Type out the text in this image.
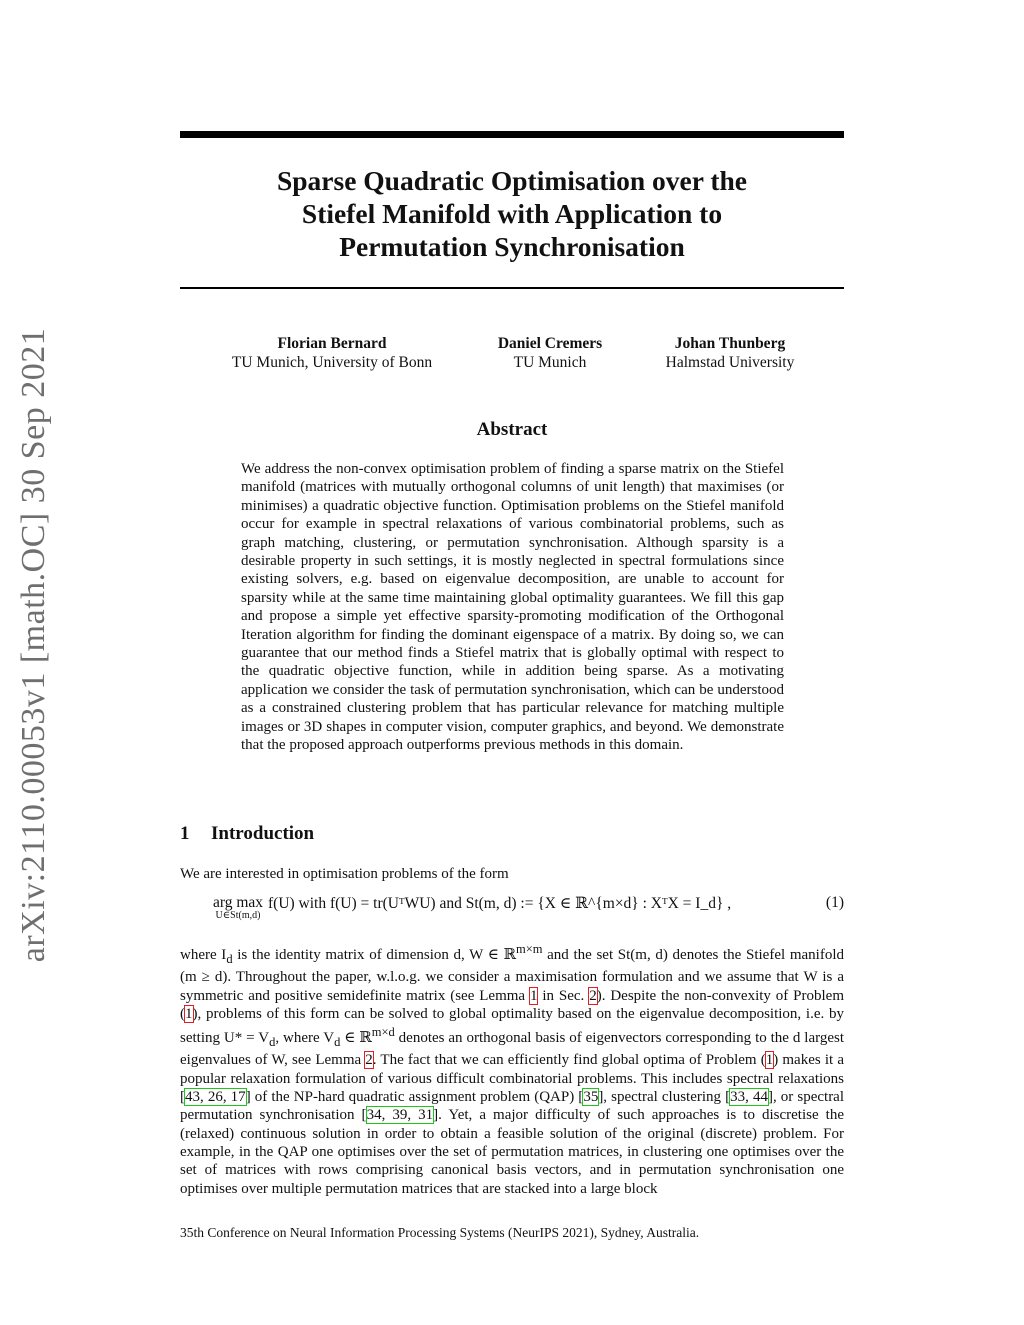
arXiv:2110.00053v1 [math.OC] 30 Sep 2021
Sparse Quadratic Optimisation over the
Stiefel Manifold with Application to
Permutation Synchronisation
Florian Bernard
TU Munich, University of Bonn
Daniel Cremers
TU Munich
Johan Thunberg
Halmstad University
Abstract
We address the non-convex optimisation problem of finding a sparse matrix on the Stiefel manifold (matrices with mutually orthogonal columns of unit length) that maximises (or minimises) a quadratic objective function. Optimisation problems on the Stiefel manifold occur for example in spectral relaxations of various combinatorial problems, such as graph matching, clustering, or permutation synchronisation. Although sparsity is a desirable property in such settings, it is mostly neglected in spectral formulations since existing solvers, e.g. based on eigenvalue decomposition, are unable to account for sparsity while at the same time maintaining global optimality guarantees. We fill this gap and propose a simple yet effective sparsity-promoting modification of the Orthogonal Iteration algorithm for finding the dominant eigenspace of a matrix. By doing so, we can guarantee that our method finds a Stiefel matrix that is globally optimal with respect to the quadratic objective function, while in addition being sparse. As a motivating application we consider the task of permutation synchronisation, which can be understood as a constrained clustering problem that has particular relevance for matching multiple images or 3D shapes in computer vision, computer graphics, and beyond. We demonstrate that the proposed approach outperforms previous methods in this domain.
1 Introduction
We are interested in optimisation problems of the form
arg max
U∈St(m,d)
f(U) with f(U) = tr(UᵀWU) and St(m, d) := {X ∈ ℝ^{m×d} : XᵀX = I_d} ,	(1)
where $I_d$ is the identity matrix of dimension d, W ∈ ℝ$^{m\times m}$ and the set St(m, d) denotes the Stiefel manifold (m ≥ d). Throughout the paper, w.l.o.g. we consider a maximisation formulation and we assume that W is a symmetric and positive semidefinite matrix (see Lemma 1 in Sec. 2). Despite the non-convexity of Problem (1), problems of this form can be solved to global optimality based on the eigenvalue decomposition, i.e. by setting $U* = V_d$, where $V_d$ ∈ ℝ$^{m\times d}$ denotes an orthogonal basis of eigenvectors corresponding to the d largest eigenvalues of W, see Lemma 2. The fact that we can efficiently find global optima of Problem (1) makes it a popular relaxation formulation of various difficult combinatorial problems. This includes spectral relaxations [43, 26, 17] of the NP-hard quadratic assignment problem (QAP) [35], spectral clustering [33, 44], or spectral permutation synchronisation [34, 39, 31]. Yet, a major difficulty of such approaches is to discretise the (relaxed) continuous solution in order to obtain a feasible solution of the original (discrete) problem. For example, in the QAP one optimises over the set of permutation matrices, in clustering one optimises over the set of matrices with rows comprising canonical basis vectors, and in permutation synchronisation one optimises over multiple permutation matrices that are stacked into a large block
35th Conference on Neural Information Processing Systems (NeurIPS 2021), Sydney, Australia.
